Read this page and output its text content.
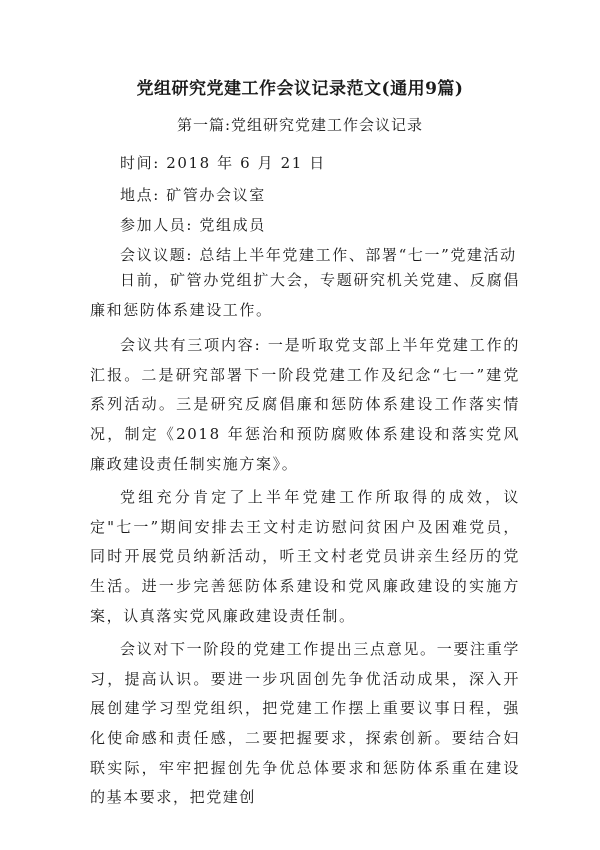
党组研究党建工作会议记录范文(通用9篇)
第一篇:党组研究党建工作会议记录
时间: 2018 年 6 月 21 日
地点: 矿管办会议室
参加人员: 党组成员
会议议题: 总结上半年党建工作、部署“七一”党建活动

日前，矿管办党组扩大会，专题研究机关党建、反腐倡廉和惩防体系建设工作。

会议共有三项内容: 一是听取党支部上半年党建工作的汇报。二是研究部署下一阶段党建工作及纪念“七一”建党系列活动。三是研究反腐倡廉和惩防体系建设工作落实情况，制定《2018 年惩治和预防腐败体系建设和落实党风廉政建设责任制实施方案》。

党组充分肯定了上半年党建工作所取得的成效，议定"七一”期间安排去王文村走访慰问贫困户及困难党员，同时开展党员纳新活动，听王文村老党员讲亲生经历的党生活。进一步完善惩防体系建设和党风廉政建设的实施方案，认真落实党风廉政建设责任制。

会议对下一阶段的党建工作提出三点意见。一要注重学习，提高认识。要进一步巩固创先争优活动成果，深入开展创建学习型党组织，把党建工作摆上重要议事日程，强化使命感和责任感，二要把握要求，探索创新。要结合妇联实际，牢牢把握创先争优总体要求和惩防体系重在建设的基本要求，把党建创
